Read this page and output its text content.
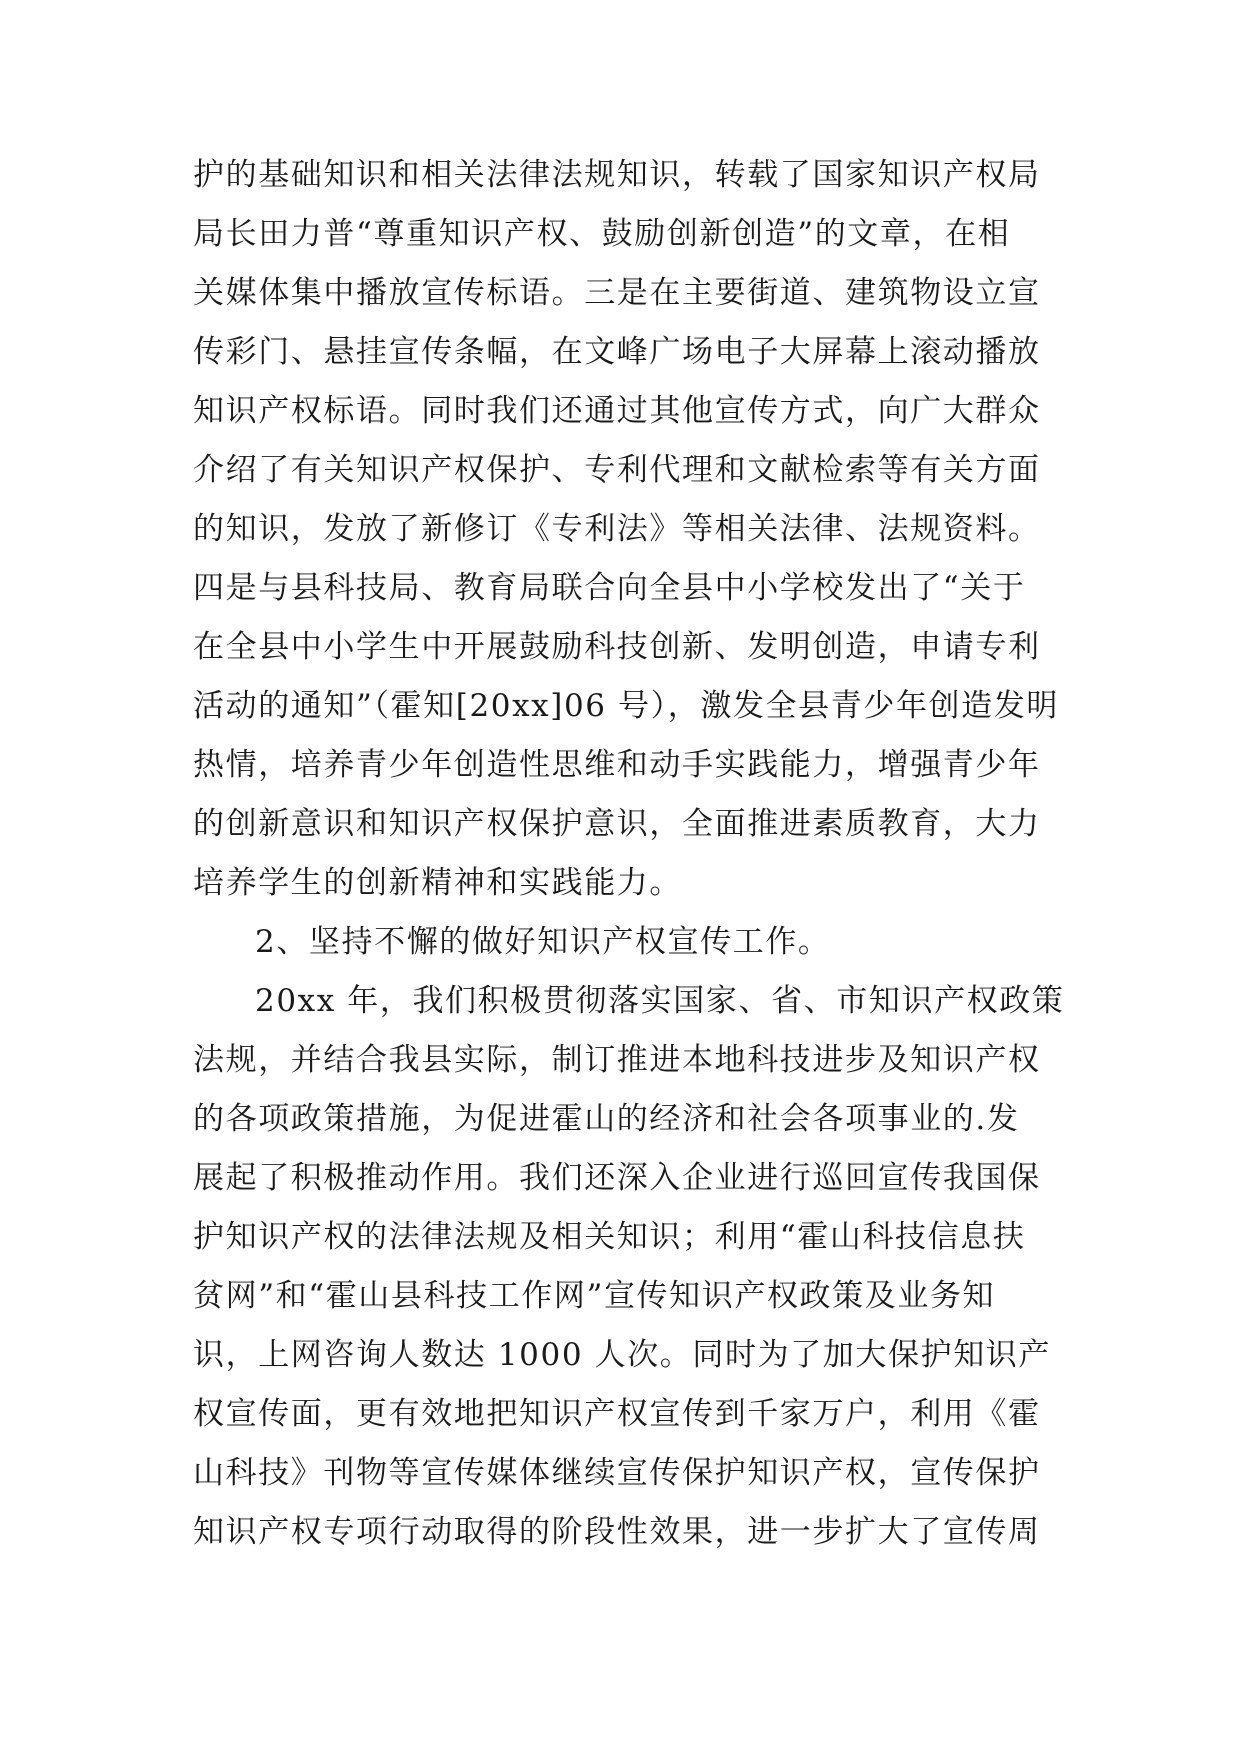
护的基础知识和相关法律法规知识，转载了国家知识产权局
局长田力普“尊重知识产权、鼓励创新创造”的文章，在相
关媒体集中播放宣传标语。三是在主要街道、建筑物设立宣
传彩门、悬挂宣传条幅，在文峰广场电子大屏幕上滚动播放
知识产权标语。同时我们还通过其他宣传方式，向广大群众
介绍了有关知识产权保护、专利代理和文献检索等有关方面
的知识，发放了新修订《专利法》等相关法律、法规资料。
四是与县科技局、教育局联合向全县中小学校发出了“关于
在全县中小学生中开展鼓励科技创新、发明创造，申请专利
活动的通知”（霍知[20xx]06 号），激发全县青少年创造发明
热情，培养青少年创造性思维和动手实践能力，增强青少年
的创新意识和知识产权保护意识，全面推进素质教育，大力
培养学生的创新精神和实践能力。
2、坚持不懈的做好知识产权宣传工作。
20xx 年，我们积极贯彻落实国家、省、市知识产权政策
法规，并结合我县实际，制订推进本地科技进步及知识产权
的各项政策措施，为促进霍山的经济和社会各项事业的.发
展起了积极推动作用。我们还深入企业进行巡回宣传我国保
护知识产权的法律法规及相关知识；利用“霍山科技信息扶
贫网”和“霍山县科技工作网”宣传知识产权政策及业务知
识，上网咨询人数达 1000 人次。同时为了加大保护知识产
权宣传面，更有效地把知识产权宣传到千家万户，利用《霍
山科技》刊物等宣传媒体继续宣传保护知识产权，宣传保护
知识产权专项行动取得的阶段性效果，进一步扩大了宣传周
